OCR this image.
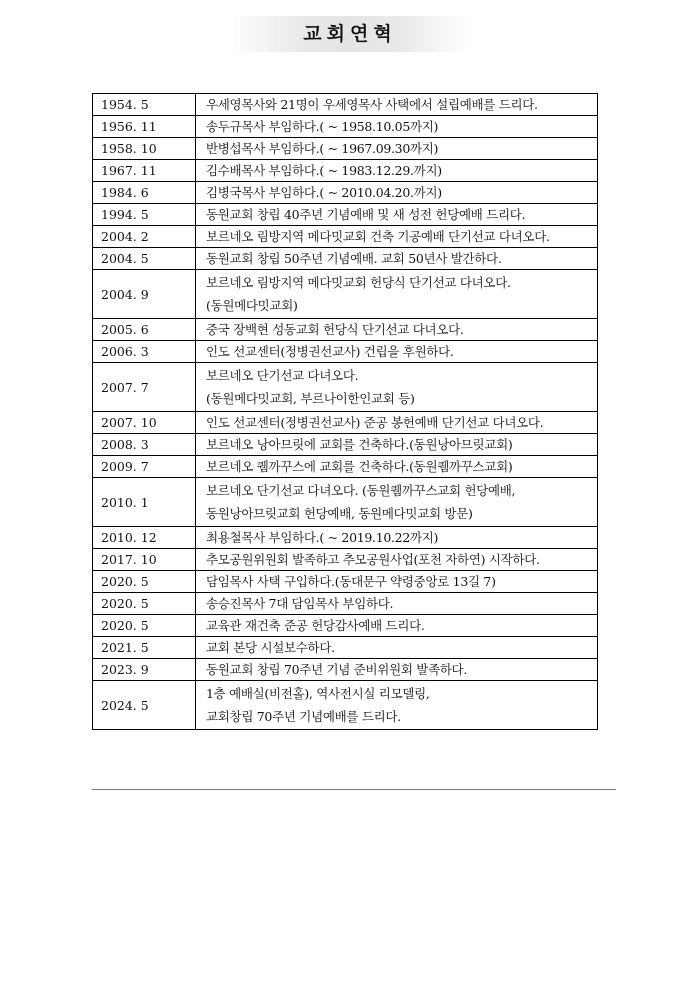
교회연혁
1954. 5	우세영목사와 21명이 우세영목사 사택에서 설립예배를 드리다.

1956. 11	송두규목사 부임하다.( ~ 1958.10.05까지)

1958. 10	반병섭목사 부임하다.( ~ 1967.09.30까지)

1967. 11	김수배목사 부임하다.( ~ 1983.12.29.까지)

1984. 6	김병국목사 부임하다.( ~ 2010.04.20.까지)

1994. 5	동원교회 창립 40주년 기념예배 및 새 성전 헌당예배 드리다.

2004. 2	보르네오 림방지역 메다밋교회 건축 기공예배 단기선교 다녀오다.

2004. 5	동원교회 창립 50주년 기념예배. 교회 50년사 발간하다.

2004. 9	보르네오 림방지역 메다밋교회 헌당식 단기선교 다녀오다.
(동원메다밋교회)

2005. 6	중국 장백현 성동교회 헌당식 단기선교 다녀오다.

2006. 3	인도 선교센터(정병권선교사) 건립을 후원하다.

2007. 7	보르네오 단기선교 다녀오다.
(동원메다밋교회, 부르나이한인교회 등)

2007. 10	인도 선교센터(정병권선교사) 준공 봉헌예배 단기선교 다녀오다.

2008. 3	보르네오 낭아므릿에 교회를 건축하다.(동원낭아므릿교회)

2009. 7	보르네오 퀨까꾸스에 교회를 건축하다.(동원퀨까꾸스교회)

2010. 1	보르네오 단기선교 다녀오다. (동원퀨까꾸스교회 헌당예배,
동원낭아므릿교회 헌당예배, 동원메다밋교회 방문)

2010. 12	최용철목사 부임하다.( ~ 2019.10.22까지)

2017. 10	추모공원위원회 발족하고 추모공원사업(포천 자하연) 시작하다.

2020. 5	담임목사 사택 구입하다.(동대문구 약령중앙로 13길 7)

2020. 5	송승진목사 7대 담임목사 부임하다.

2020. 5	교육관 재건축 준공 헌당감사예배 드리다.

2021. 5	교회 본당 시설보수하다.

2023. 9	동원교회 창립 70주년 기념 준비위원회 발족하다.

2024. 5	1층 예배실(비전홀), 역사전시실 리모델링,
교회창립 70주년 기념예배를 드리다.
